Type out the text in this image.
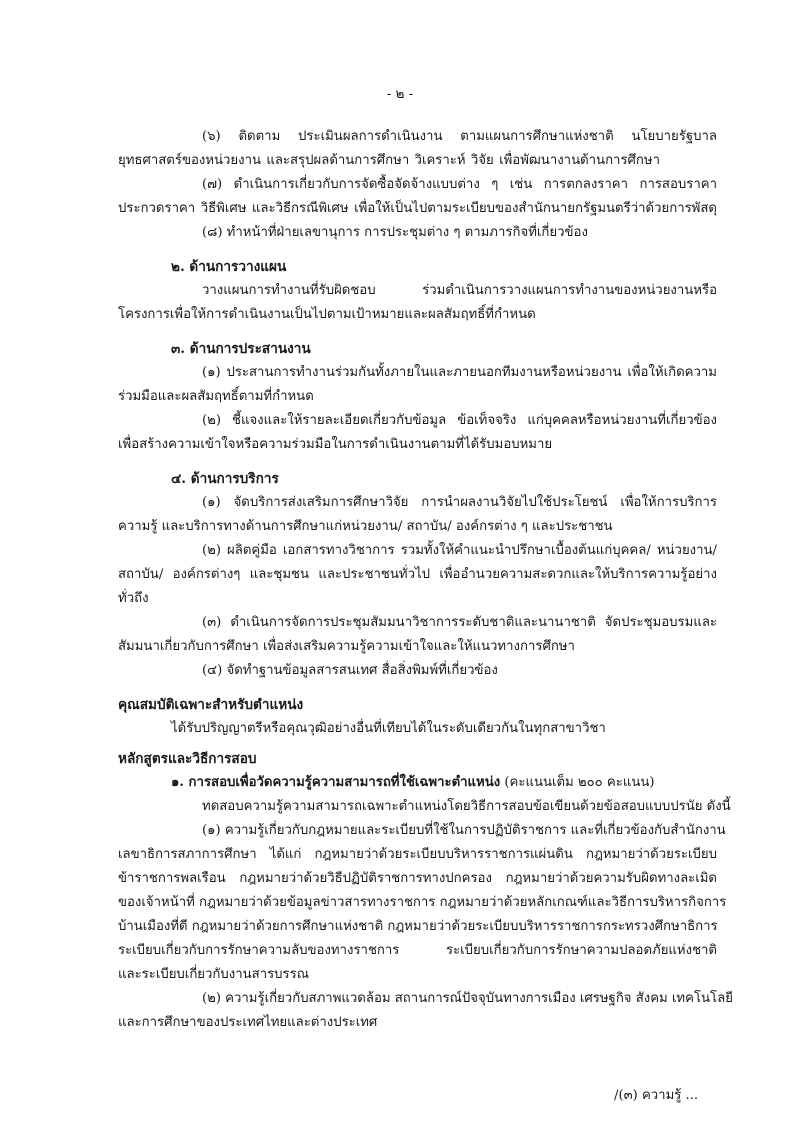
- ๒ -
(๖) ติดตาม ประเมินผลการดำเนินงาน ตามแผนการศึกษาแห่งชาติ นโยบายรัฐบาล
ยุทธศาสตร์ของหน่วยงาน และสรุปผลด้านการศึกษา วิเคราะห์ วิจัย เพื่อพัฒนางานด้านการศึกษา
(๗) ดำเนินการเกี่ยวกับการจัดซื้อจัดจ้างแบบต่าง ๆ เช่น การตกลงราคา การสอบราคา
ประกวดราคา วิธีพิเศษ และวิธีกรณีพิเศษ เพื่อให้เป็นไปตามระเบียบของสำนักนายกรัฐมนตรีว่าด้วยการพัสดุ
(๘) ทำหน้าที่ฝ่ายเลขานุการ การประชุมต่าง ๆ ตามภารกิจที่เกี่ยวข้อง
๒. ด้านการวางแผน
วางแผนการทำงานที่รับผิดชอบ ร่วมดำเนินการวางแผนการทำงานของหน่วยงานหรือ
โครงการเพื่อให้การดำเนินงานเป็นไปตามเป้าหมายและผลสัมฤทธิ์ที่กำหนด
๓. ด้านการประสานงาน
(๑) ประสานการทำงานร่วมกันทั้งภายในและภายนอกทีมงานหรือหน่วยงาน เพื่อให้เกิดความ
ร่วมมือและผลสัมฤทธิ์ตามที่กำหนด
(๒) ชี้แจงและให้รายละเอียดเกี่ยวกับข้อมูล ข้อเท็จจริง แก่บุคคลหรือหน่วยงานที่เกี่ยวข้อง
เพื่อสร้างความเข้าใจหรือความร่วมมือในการดำเนินงานตามที่ได้รับมอบหมาย
๔. ด้านการบริการ
(๑) จัดบริการส่งเสริมการศึกษาวิจัย การนำผลงานวิจัยไปใช้ประโยชน์ เพื่อให้การบริการ
ความรู้ และบริการทางด้านการศึกษาแก่หน่วยงาน/ สถาบัน/ องค์กรต่าง ๆ และประชาชน
(๒) ผลิตคู่มือ เอกสารทางวิชาการ รวมทั้งให้คำแนะนำปรึกษาเบื้องต้นแก่บุคคล/ หน่วยงาน/
สถาบัน/ องค์กรต่างๆ และชุมชน และประชาชนทั่วไป เพื่ออำนวยความสะดวกและให้บริการความรู้อย่าง
ทั่วถึง
(๓) ดำเนินการจัดการประชุมสัมมนาวิชาการระดับชาติและนานาชาติ จัดประชุมอบรมและ
สัมมนาเกี่ยวกับการศึกษา เพื่อส่งเสริมความรู้ความเข้าใจและให้แนวทางการศึกษา
(๔) จัดทำฐานข้อมูลสารสนเทศ สื่อสิ่งพิมพ์ที่เกี่ยวข้อง
คุณสมบัติเฉพาะสำหรับตำแหน่ง
ได้รับปริญญาตรีหรือคุณวุฒิอย่างอื่นที่เทียบได้ในระดับเดียวกันในทุกสาขาวิชา
หลักสูตรและวิธีการสอบ
๑. การสอบเพื่อวัดความรู้ความสามารถที่ใช้เฉพาะตำแหน่ง (คะแนนเต็ม ๒๐๐ คะแนน)
ทดสอบความรู้ความสามารถเฉพาะตำแหน่งโดยวิธีการสอบข้อเขียนด้วยข้อสอบแบบปรนัย ดังนี้
(๑) ความรู้เกี่ยวกับกฎหมายและระเบียบที่ใช้ในการปฏิบัติราชการ และที่เกี่ยวข้องกับสำนักงาน
เลขาธิการสภาการศึกษา ได้แก่ กฎหมายว่าด้วยระเบียบบริหารราชการแผ่นดิน กฎหมายว่าด้วยระเบียบ
ข้าราชการพลเรือน กฎหมายว่าด้วยวิธีปฏิบัติราชการทางปกครอง กฎหมายว่าด้วยความรับผิดทางละเมิด
ของเจ้าหน้าที่ กฎหมายว่าด้วยข้อมูลข่าวสารทางราชการ กฎหมายว่าด้วยหลักเกณฑ์และวิธีการบริหารกิจการ
บ้านเมืองที่ดี กฎหมายว่าด้วยการศึกษาแห่งชาติ กฎหมายว่าด้วยระเบียบบริหารราชการกระทรวงศึกษาธิการ
ระเบียบเกี่ยวกับการรักษาความลับของทางราชการ ระเบียบเกี่ยวกับการรักษาความปลอดภัยแห่งชาติ
และระเบียบเกี่ยวกับงานสารบรรณ
(๒) ความรู้เกี่ยวกับสภาพแวดล้อม สถานการณ์ปัจจุบันทางการเมือง เศรษฐกิจ สังคม เทคโนโลยี
และการศึกษาของประเทศไทยและต่างประเทศ
/(๓) ความรู้ ...
